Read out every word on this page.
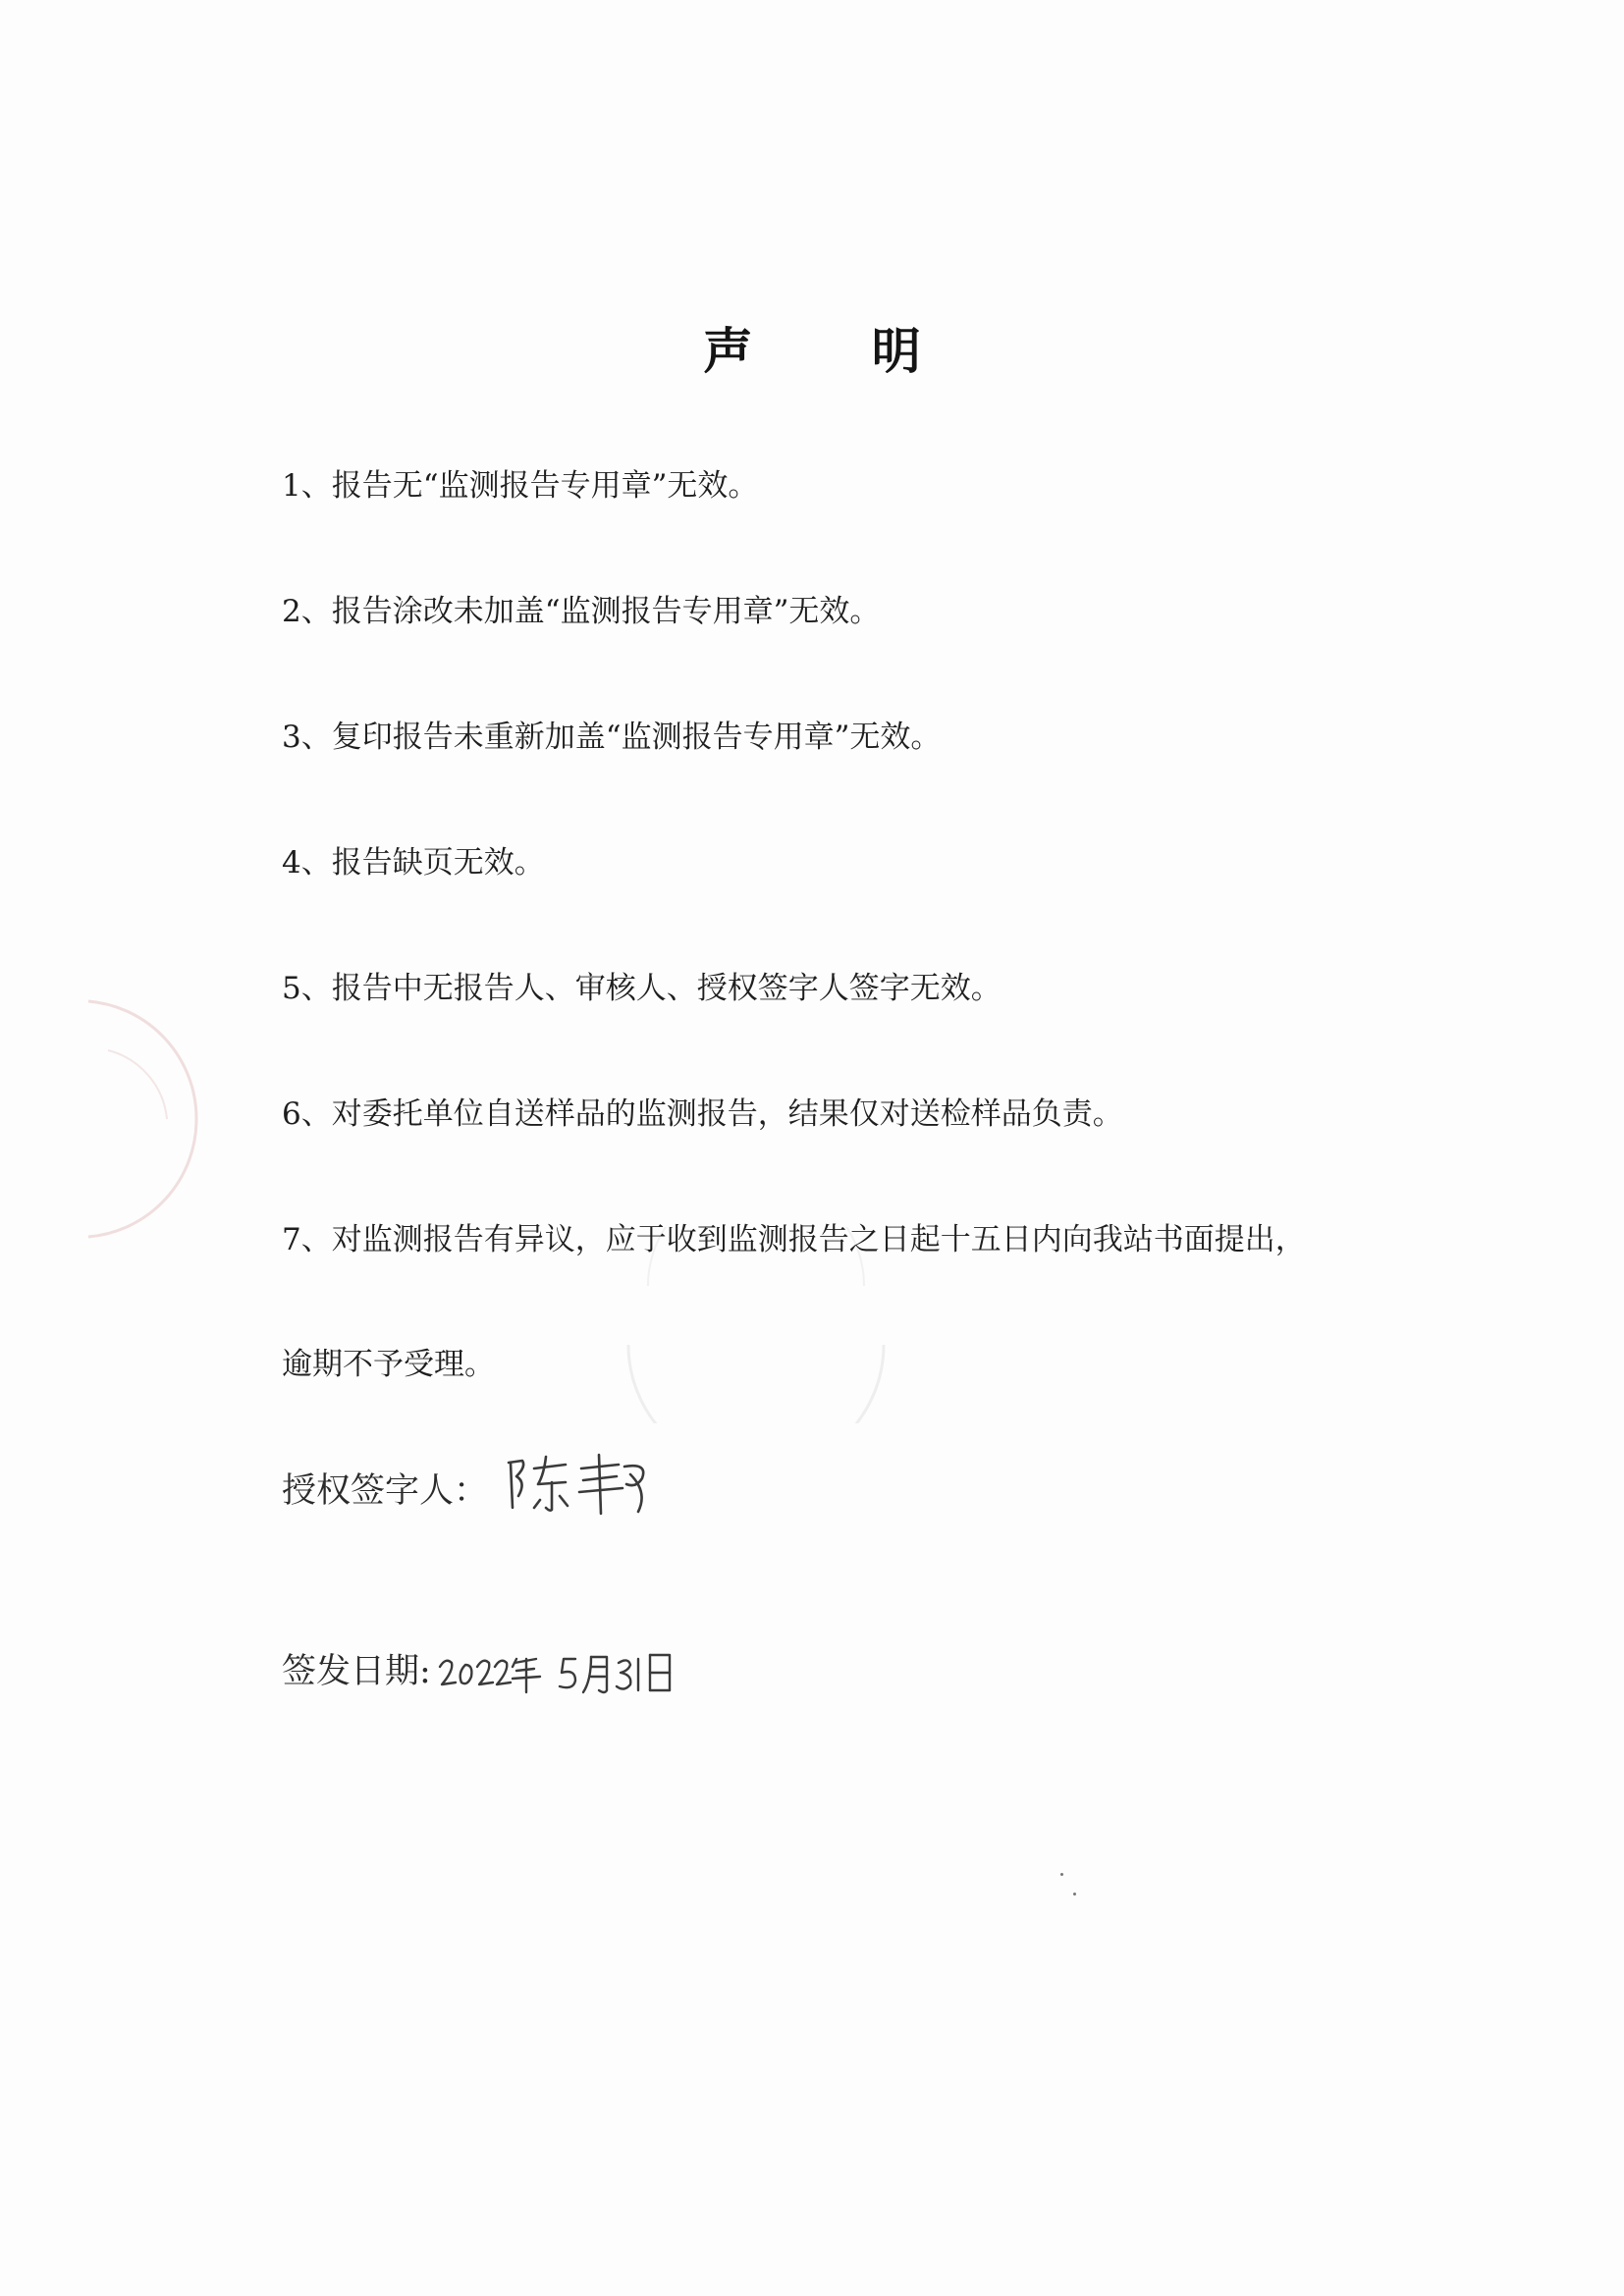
声 明
1、报告无“监测报告专用章”无效。
2、报告涂改未加盖“监测报告专用章”无效。
3、复印报告未重新加盖“监测报告专用章”无效。
4、报告缺页无效。
5、报告中无报告人、审核人、授权签字人签字无效。
6、对委托单位自送样品的监测报告，结果仅对送检样品负责。
7、对监测报告有异议，应于收到监测报告之日起十五日内向我站书面提出，
逾期不予受理。
授权签字人：
签发日期:
